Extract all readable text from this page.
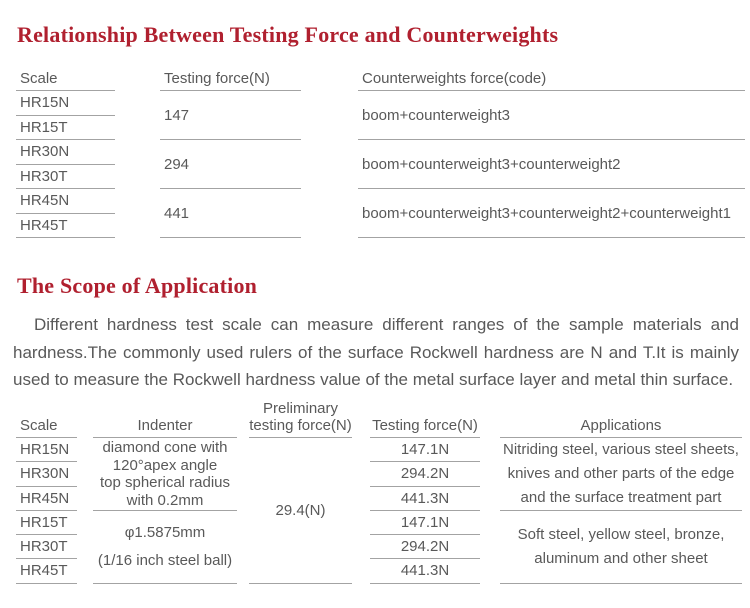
Relationship Between Testing Force and Counterweights
Scale
HR15N
HR15T
HR30N
HR30T
HR45N
HR45T
Testing force(N)
147
294
441
Counterweights force(code)
boom+counterweight3
boom+counterweight3+counterweight2
boom+counterweight3+counterweight2+counterweight1
The Scope of Application

Different hardness test scale can measure different ranges of the sample materials and hardness.The commonly used rulers of the surface Rockwell hardness are N and T.It is mainly used to measure the Rockwell hardness value of the metal surface layer and metal thin surface.

Scale
HR15N
HR30N
HR45N
HR15T
HR30T
HR45T
Indenter
diamond cone with
120°apex angle
top spherical radius
with 0.2mm
φ1.5875mm
(1/16 inch steel ball)
Preliminary
testing force(N)
29.4(N)
Testing force(N)
147.1N
294.2N
441.3N
147.1N
294.2N
441.3N
Applications
Nitriding steel, various steel sheets,
knives and other parts of the edge
and the surface treatment part
Soft steel, yellow steel, bronze,
aluminum and other sheet
